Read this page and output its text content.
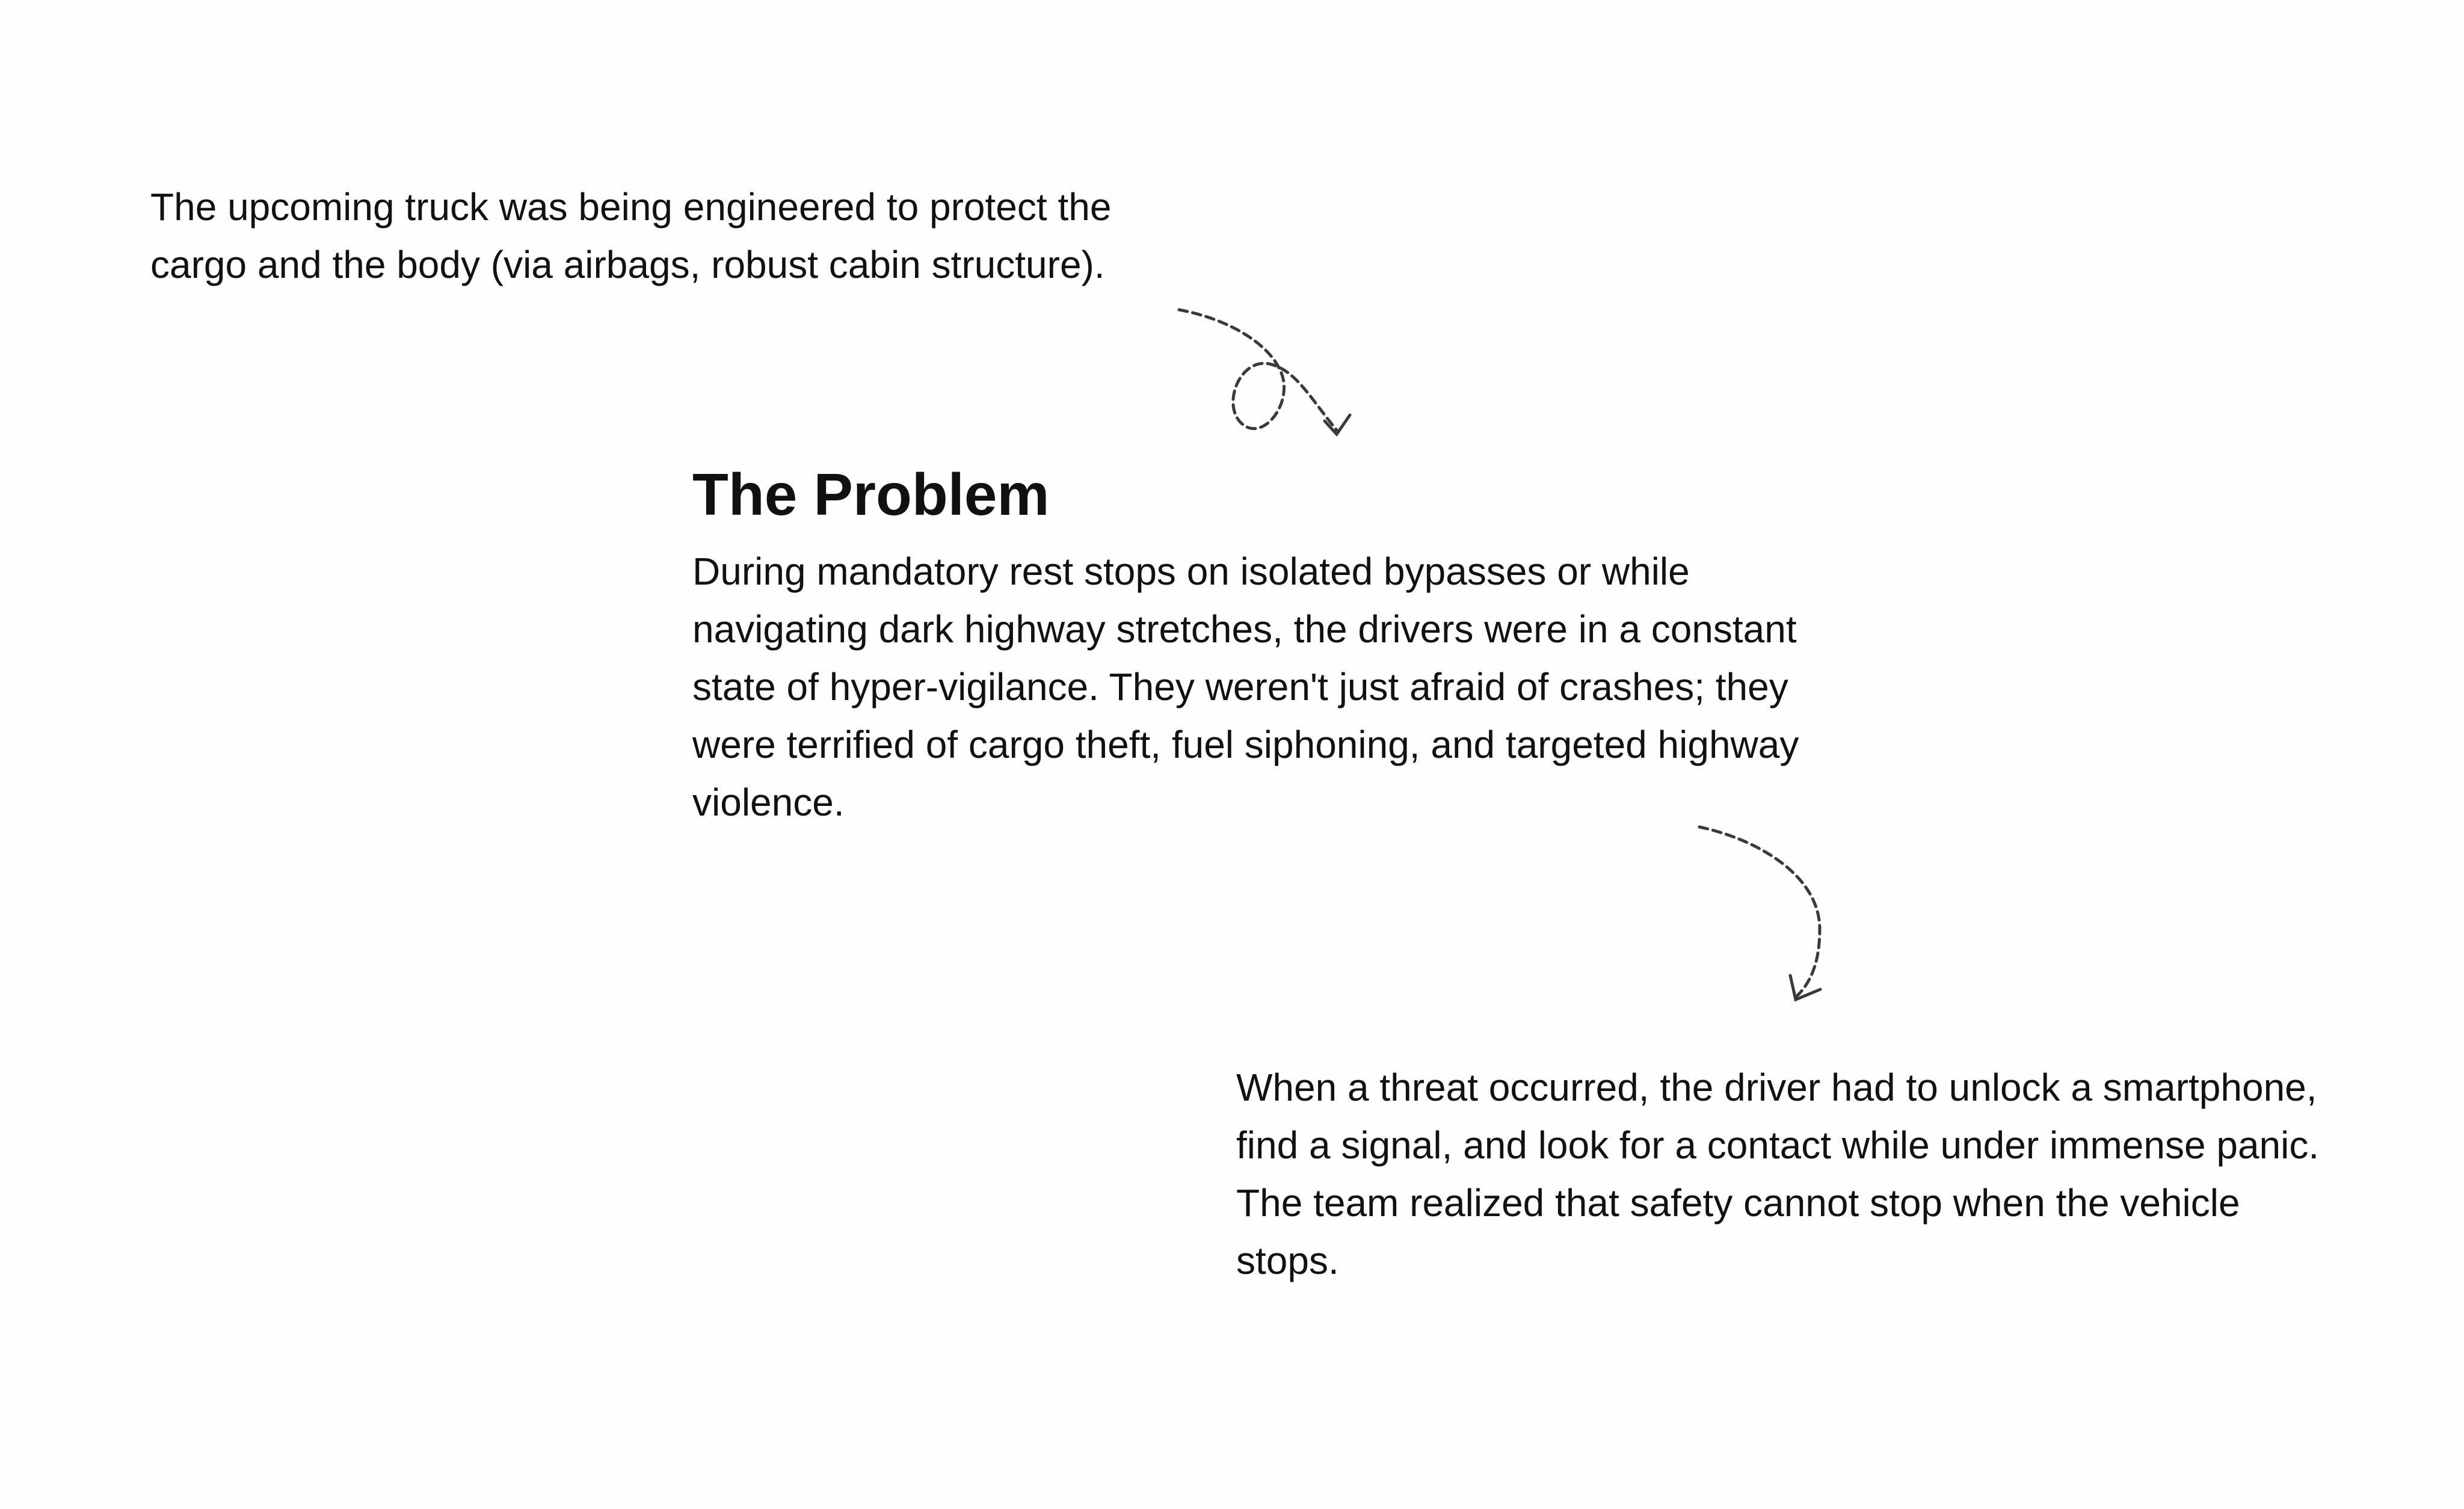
The upcoming truck was being engineered to protect the cargo and the body (via airbags, robust cabin structure).

The Problem

During mandatory rest stops on isolated bypasses or while navigating dark highway stretches, the drivers were in a constant state of hyper-vigilance. They weren't just afraid of crashes; they were terrified of cargo theft, fuel siphoning, and targeted highway violence.

When a threat occurred, the driver had to unlock a smartphone, find a signal, and look for a contact while under immense panic. The team realized that safety cannot stop when the vehicle stops.
